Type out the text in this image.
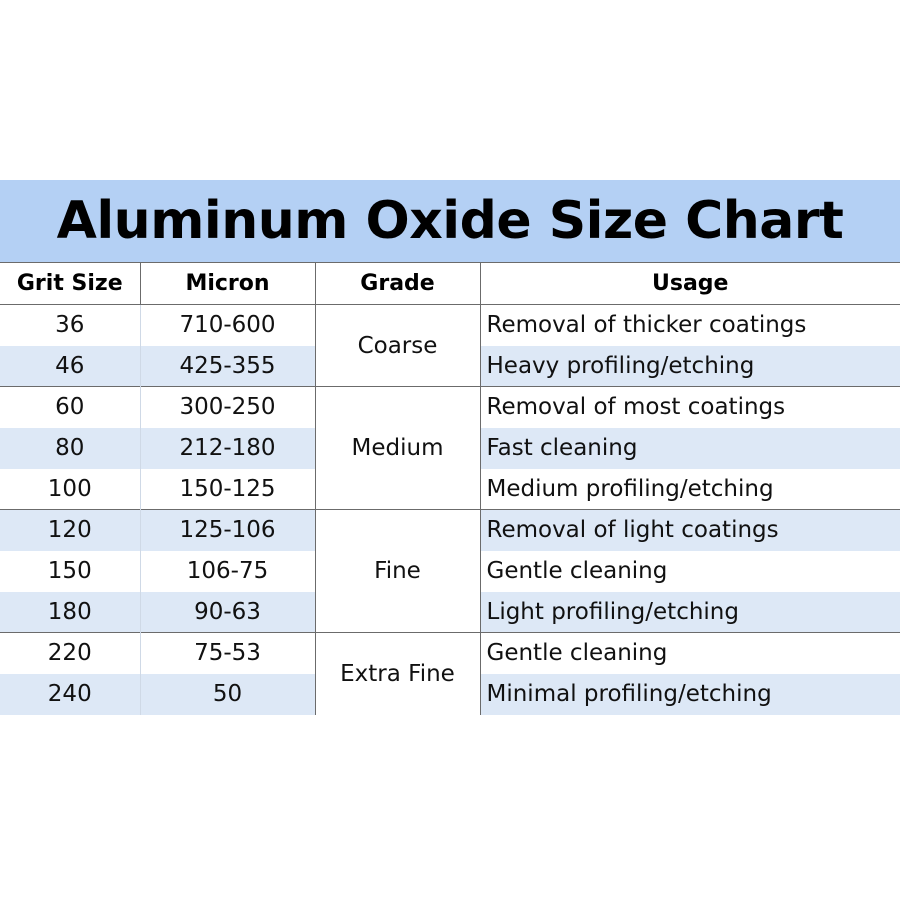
Aluminum Oxide Size Chart
Grit Size	Micron	Grade	Usage
36	710-600	Coarse	Removal of thicker coatings
46	425-355		Heavy profiling/etching
60	300-250	Medium	Removal of most coatings
80	212-180		Fast cleaning
100	150-125		Medium profiling/etching
120	125-106	Fine	Removal of light coatings
150	106-75		Gentle cleaning
180	90-63		Light profiling/etching
220	75-53	Extra Fine	Gentle cleaning
240	50		Minimal profiling/etching
